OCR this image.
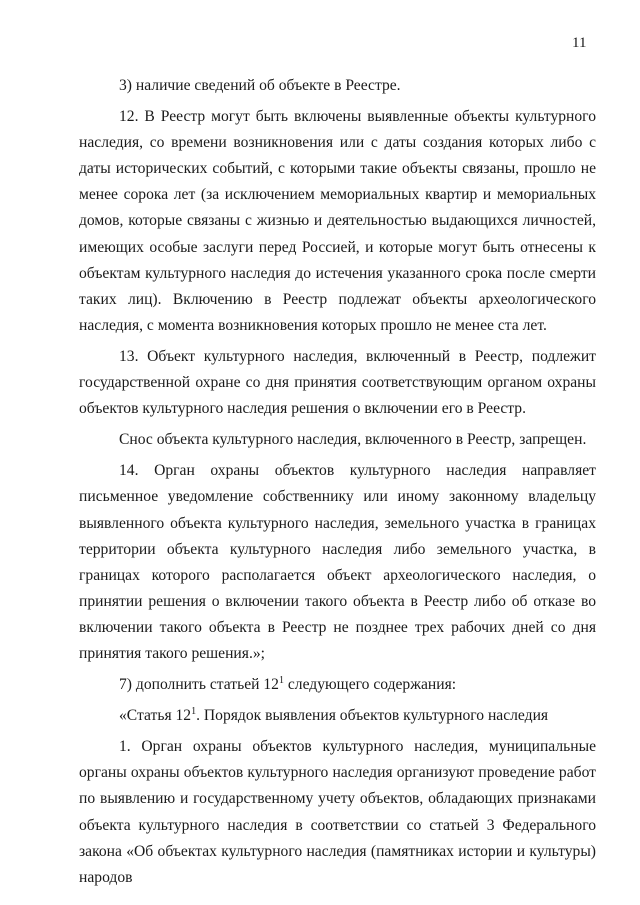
11

3) наличие сведений об объекте в Реестре.

12. В Реестр могут быть включены выявленные объекты культурного наследия, со времени возникновения или с даты создания которых либо с даты исторических событий, с которыми такие объекты связаны, прошло не менее сорока лет (за исключением мемориальных квартир и мемориальных домов, которые связаны с жизнью и деятельностью выдающихся личностей, имеющих особые заслуги перед Россией, и которые могут быть отнесены к объектам культурного наследия до истечения указанного срока после смерти таких лиц). Включению в Реестр подлежат объекты археологического наследия, с момента возникновения которых прошло не менее ста лет.

13. Объект культурного наследия, включенный в Реестр, подлежит государственной охране со дня принятия соответствующим органом охраны объектов культурного наследия решения о включении его в Реестр.

Снос объекта культурного наследия, включенного в Реестр, запрещен.

14. Орган охраны объектов культурного наследия направляет письменное уведомление собственнику или иному законному владельцу выявленного объекта культурного наследия, земельного участка в границах территории объекта культурного наследия либо земельного участка, в границах которого располагается объект археологического наследия, о принятии решения о включении такого объекта в Реестр либо об отказе во включении такого объекта в Реестр не позднее трех рабочих дней со дня принятия такого решения.»;

7) дополнить статьей $12^1$ следующего содержания:

«Статья $12^1$. Порядок выявления объектов культурного наследия

1. Орган охраны объектов культурного наследия, муниципальные органы охраны объектов культурного наследия организуют проведение работ по выявлению и государственному учету объектов, обладающих признаками объекта культурного наследия в соответствии со статьей 3 Федерального закона «Об объектах культурного наследия (памятниках истории и культуры) народов
